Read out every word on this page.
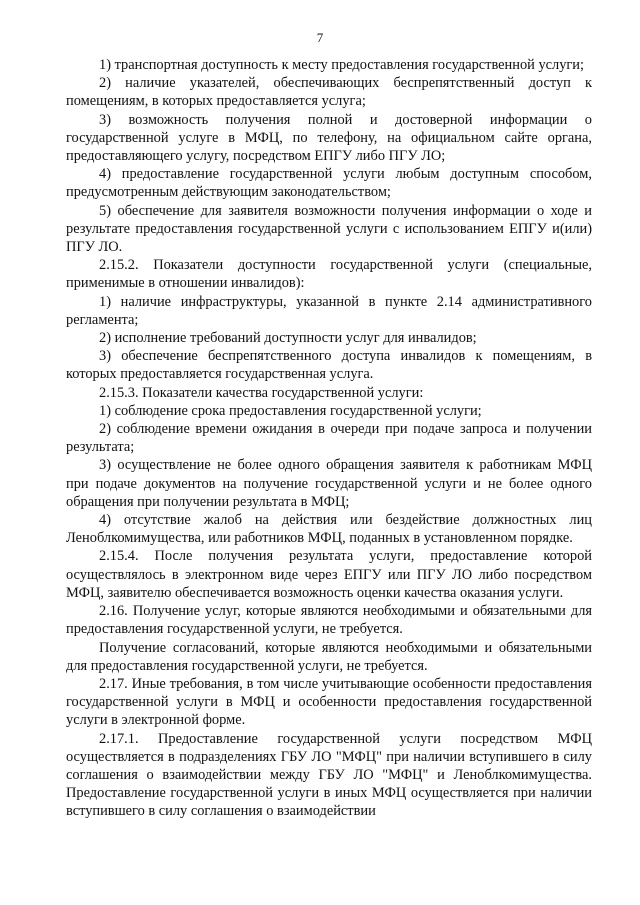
7

1) транспортная доступность к месту предоставления государственной услуги;

2) наличие указателей, обеспечивающих беспрепятственный доступ к помещениям, в которых предоставляется услуга;

3) возможность получения полной и достоверной информации о государственной услуге в МФЦ, по телефону, на официальном сайте органа, предоставляющего услугу, посредством ЕПГУ либо ПГУ ЛО;

4) предоставление государственной услуги любым доступным способом, предусмотренным действующим законодательством;

5) обеспечение для заявителя возможности получения информации о ходе и результате предоставления государственной услуги с использованием ЕПГУ и(или) ПГУ ЛО.

2.15.2. Показатели доступности государственной услуги (специальные, применимые в отношении инвалидов):

1) наличие инфраструктуры, указанной в пункте 2.14 административного регламента;

2) исполнение требований доступности услуг для инвалидов;

3) обеспечение беспрепятственного доступа инвалидов к помещениям, в которых предоставляется государственная услуга.

2.15.3. Показатели качества государственной услуги:

1) соблюдение срока предоставления государственной услуги;

2) соблюдение времени ожидания в очереди при подаче запроса и получении результата;

3) осуществление не более одного обращения заявителя к работникам МФЦ при подаче документов на получение государственной услуги и не более одного обращения при получении результата в МФЦ;

4) отсутствие жалоб на действия или бездействие должностных лиц Леноблкомимущества, или работников МФЦ, поданных в установленном порядке.

2.15.4. После получения результата услуги, предоставление которой осуществлялось в электронном виде через ЕПГУ или ПГУ ЛО либо посредством МФЦ, заявителю обеспечивается возможность оценки качества оказания услуги.

2.16. Получение услуг, которые являются необходимыми и обязательными для предоставления государственной услуги, не требуется.

Получение согласований, которые являются необходимыми и обязательными для предоставления государственной услуги, не требуется.

2.17. Иные требования, в том числе учитывающие особенности предоставления государственной услуги в МФЦ и особенности предоставления государственной услуги в электронной форме.

2.17.1. Предоставление государственной услуги посредством МФЦ осуществляется в подразделениях ГБУ ЛО "МФЦ" при наличии вступившего в силу соглашения о взаимодействии между ГБУ ЛО "МФЦ" и Леноблкомимущества. Предоставление государственной услуги в иных МФЦ осуществляется при наличии вступившего в силу соглашения о взаимодействии
